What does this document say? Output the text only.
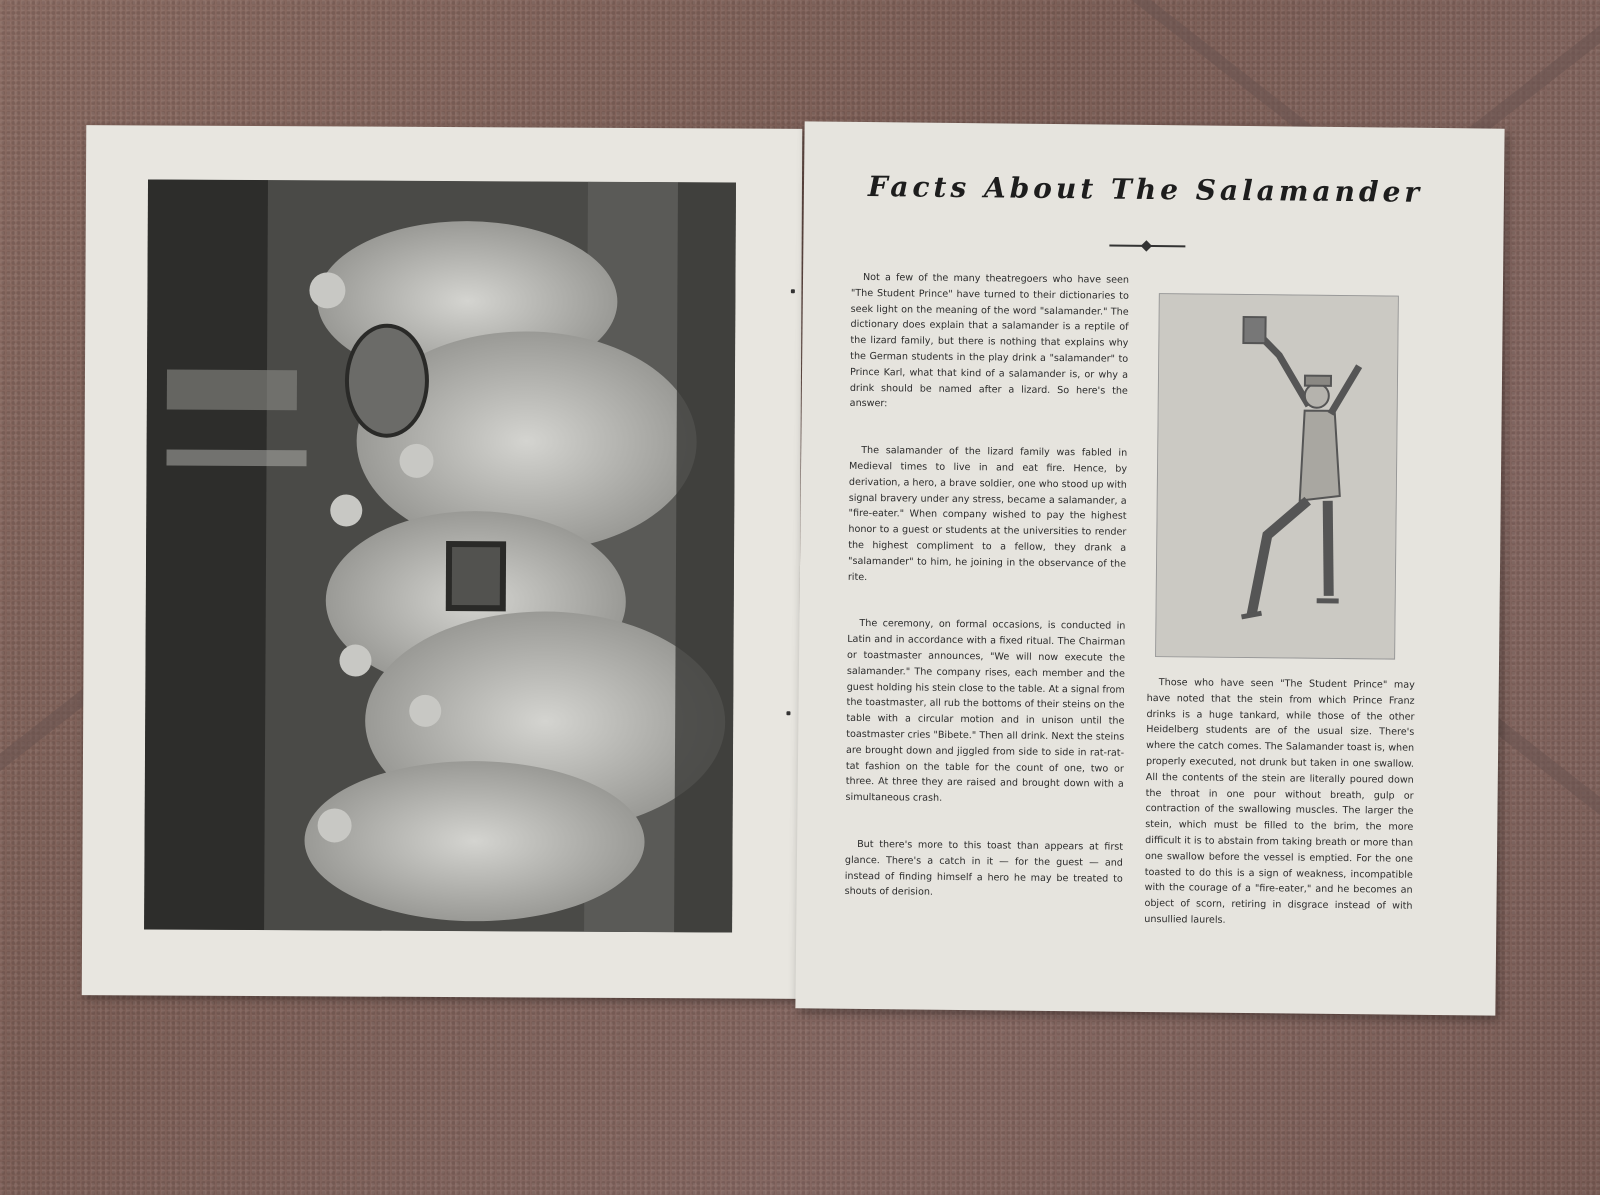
Facts About The Salamander

Not a few of the many theatregoers who have seen "The Student Prince" have turned to their dictionaries to seek light on the meaning of the word "salamander." The dictionary does explain that a salamander is a reptile of the lizard family, but there is nothing that explains why the German students in the play drink a "salamander" to Prince Karl, what that kind of a salamander is, or why a drink should be named after a lizard. So here's the answer:

The salamander of the lizard family was fabled in Medieval times to live in and eat fire. Hence, by derivation, a hero, a brave soldier, one who stood up with signal bravery under any stress, became a salamander, a "fire-eater." When company wished to pay the highest honor to a guest or students at the universities to render the highest compliment to a fellow, they drank a "salamander" to him, he joining in the observance of the rite.

The ceremony, on formal occasions, is conducted in Latin and in accordance with a fixed ritual. The Chairman or toastmaster announces, "We will now execute the salamander." The company rises, each member and the guest holding his stein close to the table. At a signal from the toastmaster, all rub the bottoms of their steins on the table with a circular motion and in unison until the toastmaster cries "Bibete." Then all drink. Next the steins are brought down and jiggled from side to side in rat-rat-tat fashion on the table for the count of one, two or three. At three they are raised and brought down with a simultaneous crash.

But there's more to this toast than appears at first glance. There's a catch in it — for the guest — and instead of finding himself a hero he may be treated to shouts of derision.

Those who have seen "The Student Prince" may have noted that the stein from which Prince Franz drinks is a huge tankard, while those of the other Heidelberg students are of the usual size. There's where the catch comes. The Salamander toast is, when properly executed, not drunk but taken in one swallow. All the contents of the stein are literally poured down the throat in one pour without breath, gulp or contraction of the swallowing muscles. The larger the stein, which must be filled to the brim, the more difficult it is to abstain from taking breath or more than one swallow before the vessel is emptied. For the one toasted to do this is a sign of weakness, incompatible with the courage of a "fire-eater," and he becomes an object of scorn, retiring in disgrace instead of with unsullied laurels.
